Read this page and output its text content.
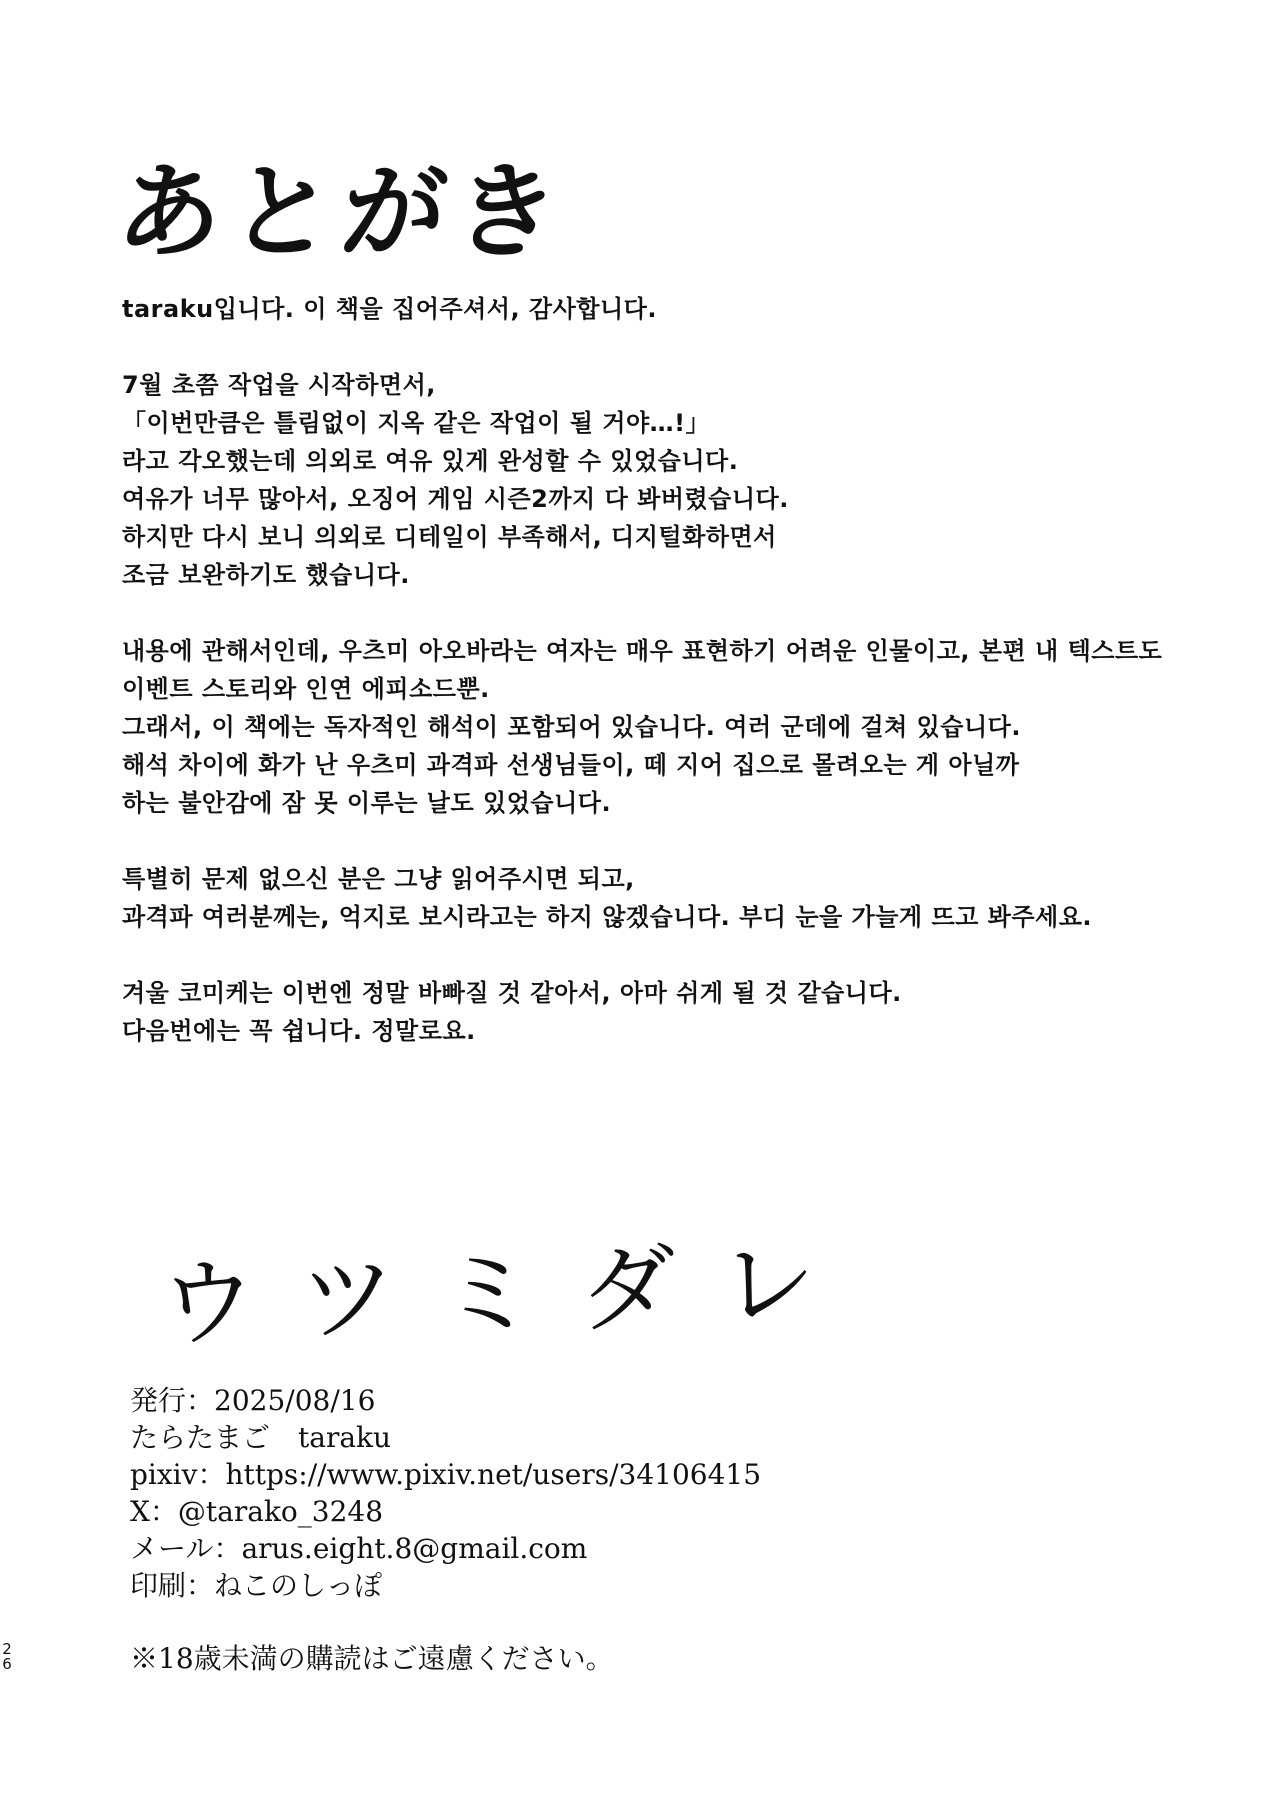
あとがき
taraku입니다. 이 책을 집어주셔서, 감사합니다.
7월 초쯤 작업을 시작하면서,
「이번만큼은 틀림없이 지옥 같은 작업이 될 거야…!」
라고 각오했는데 의외로 여유 있게 완성할 수 있었습니다.
여유가 너무 많아서, 오징어 게임 시즌2까지 다 봐버렸습니다.
하지만 다시 보니 의외로 디테일이 부족해서, 디지털화하면서
조금 보완하기도 했습니다.
내용에 관해서인데, 우츠미 아오바라는 여자는 매우 표현하기 어려운 인물이고, 본편 내 텍스트도
이벤트 스토리와 인연 에피소드뿐.
그래서, 이 책에는 독자적인 해석이 포함되어 있습니다. 여러 군데에 걸쳐 있습니다.
해석 차이에 화가 난 우츠미 과격파 선생님들이, 떼 지어 집으로 몰려오는 게 아닐까
하는 불안감에 잠 못 이루는 날도 있었습니다.
특별히 문제 없으신 분은 그냥 읽어주시면 되고,
과격파 여러분께는, 억지로 보시라고는 하지 않겠습니다. 부디 눈을 가늘게 뜨고 봐주세요.
겨울 코미케는 이번엔 정말 바빠질 것 같아서, 아마 쉬게 될 것 같습니다.
다음번에는 꼭 쉽니다. 정말로요.
ウツミダレ
発行：2025/08/16
たらたまご　taraku
pixiv：https://www.pixiv.net/users/34106415
X：@tarako_3248
メール：arus.eight.8@gmail.com
印刷：ねこのしっぽ
※18歳未満の購読はご遠慮ください。
26
